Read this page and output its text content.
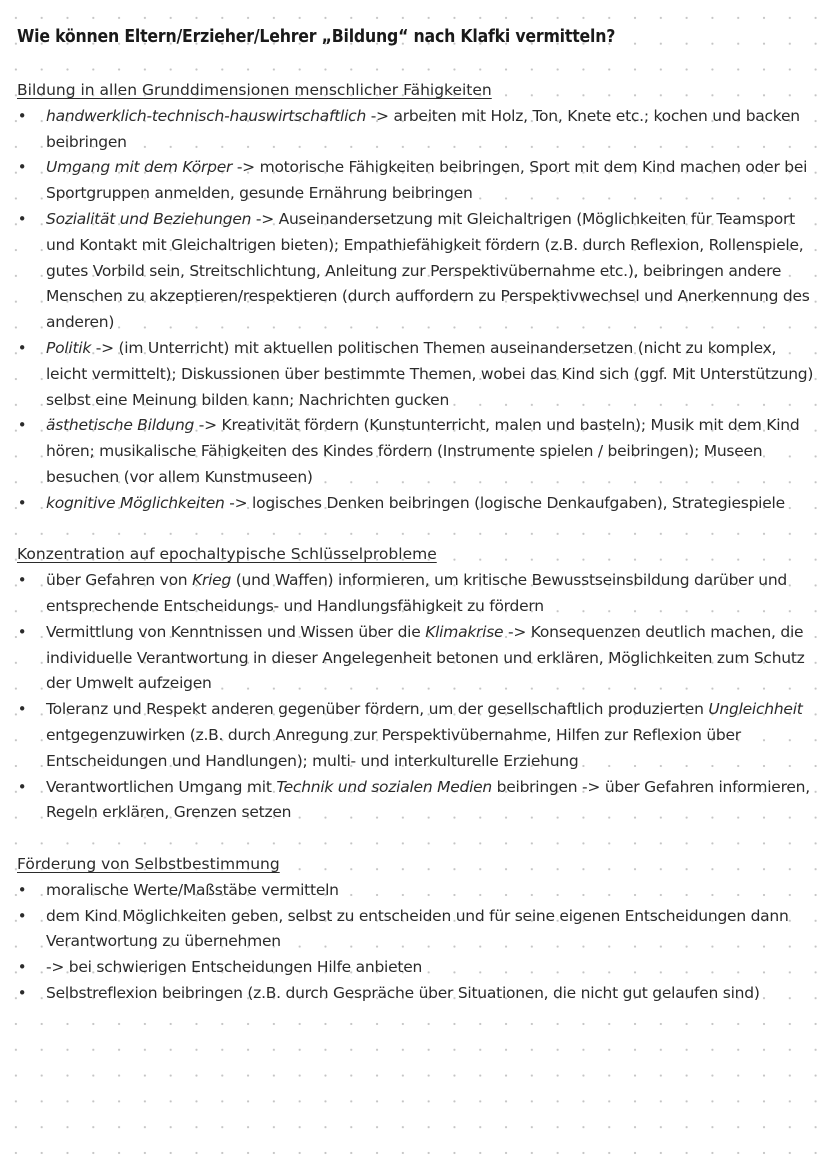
Wie können Eltern/Erzieher/Lehrer „Bildung“ nach Klafki vermitteln?
Bildung in allen Grunddimensionen menschlicher Fähigkeiten
• handwerklich-technisch-hauswirtschaftlich -> arbeiten mit Holz, Ton, Knete etc.; kochen und backen beibringen
• Umgang mit dem Körper -> motorische Fähigkeiten beibringen, Sport mit dem Kind machen oder bei Sportgruppen anmelden, gesunde Ernährung beibringen
• Sozialität und Beziehungen -> Auseinandersetzung mit Gleichaltrigen (Möglichkeiten für Teamsport und Kontakt mit Gleichaltrigen bieten); Empathiefähigkeit fördern (z.B. durch Reflexion, Rollenspiele, gutes Vorbild sein, Streitschlichtung, Anleitung zur Perspektivübernahme etc.), beibringen andere Menschen zu akzeptieren/respektieren (durch auffordern zu Perspektivwechsel und Anerkennung des anderen)
• Politik -> (im Unterricht) mit aktuellen politischen Themen auseinandersetzen (nicht zu komplex, leicht vermittelt); Diskussionen über bestimmte Themen, wobei das Kind sich (ggf. Mit Unterstützung) selbst eine Meinung bilden kann; Nachrichten gucken
• ästhetische Bildung -> Kreativität fördern (Kunstunterricht, malen und basteln); Musik mit dem Kind hören; musikalische Fähigkeiten des Kindes fördern (Instrumente spielen / beibringen); Museen besuchen (vor allem Kunstmuseen)
• kognitive Möglichkeiten -> logisches Denken beibringen (logische Denkaufgaben), Strategiespiele
Konzentration auf epochaltypische Schlüsselprobleme
• über Gefahren von Krieg (und Waffen) informieren, um kritische Bewusstseinsbildung darüber und entsprechende Entscheidungs- und Handlungsfähigkeit zu fördern
• Vermittlung von Kenntnissen und Wissen über die Klimakrise -> Konsequenzen deutlich machen, die individuelle Verantwortung in dieser Angelegenheit betonen und erklären, Möglichkeiten zum Schutz der Umwelt aufzeigen
• Toleranz und Respekt anderen gegenüber fördern, um der gesellschaftlich produzierten Ungleichheit entgegenzuwirken (z.B. durch Anregung zur Perspektivübernahme, Hilfen zur Reflexion über Entscheidungen und Handlungen); multi- und interkulturelle Erziehung
• Verantwortlichen Umgang mit Technik und sozialen Medien beibringen -> über Gefahren informieren, Regeln erklären, Grenzen setzen
Förderung von Selbstbestimmung
• moralische Werte/Maßstäbe vermitteln
• dem Kind Möglichkeiten geben, selbst zu entscheiden und für seine eigenen Entscheidungen dann Verantwortung zu übernehmen
• -> bei schwierigen Entscheidungen Hilfe anbieten
• Selbstreflexion beibringen (z.B. durch Gespräche über Situationen, die nicht gut gelaufen sind)
